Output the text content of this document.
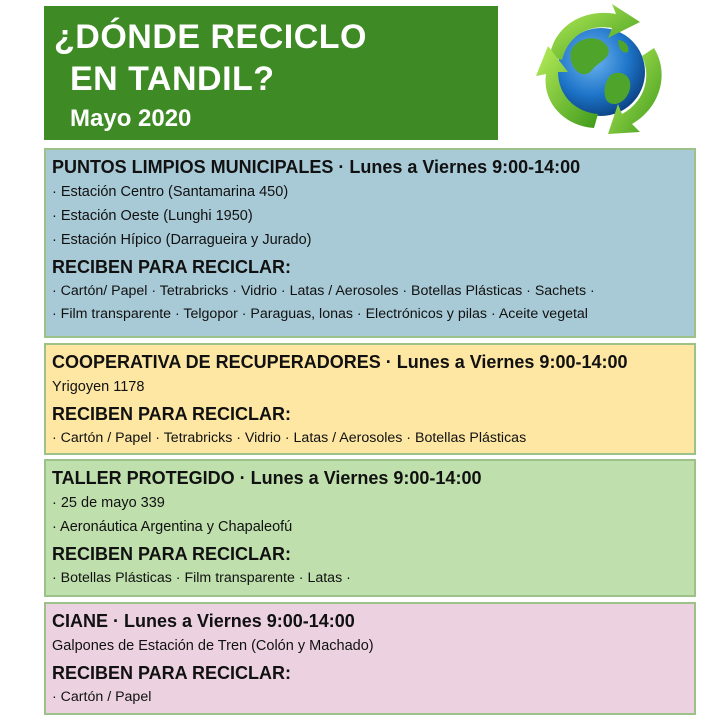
¿DÓNDE RECICLO
EN TANDIL?
Mayo 2020
PUNTOS LIMPIOS MUNICIPALES · Lunes a Viernes 9:00-14:00
· Estación Centro (Santamarina 450)
· Estación Oeste (Lunghi 1950)
· Estación Hípico (Darragueira y Jurado)
RECIBEN PARA RECICLAR:
· Cartón/ Papel · Tetrabricks · Vidrio · Latas / Aerosoles · Botellas Plásticas · Sachets ·
· Film transparente · Telgopor · Paraguas, lonas · Electrónicos y pilas · Aceite vegetal
COOPERATIVA DE RECUPERADORES · Lunes a Viernes 9:00-14:00
Yrigoyen 1178
RECIBEN PARA RECICLAR:
· Cartón / Papel · Tetrabricks · Vidrio · Latas / Aerosoles · Botellas Plásticas
TALLER PROTEGIDO · Lunes a Viernes 9:00-14:00
· 25 de mayo 339
· Aeronáutica Argentina y Chapaleofú
RECIBEN PARA RECICLAR:
· Botellas Plásticas · Film transparente · Latas ·
CIANE · Lunes a Viernes 9:00-14:00
Galpones de Estación de Tren (Colón y Machado)
RECIBEN PARA RECICLAR:
· Cartón / Papel
